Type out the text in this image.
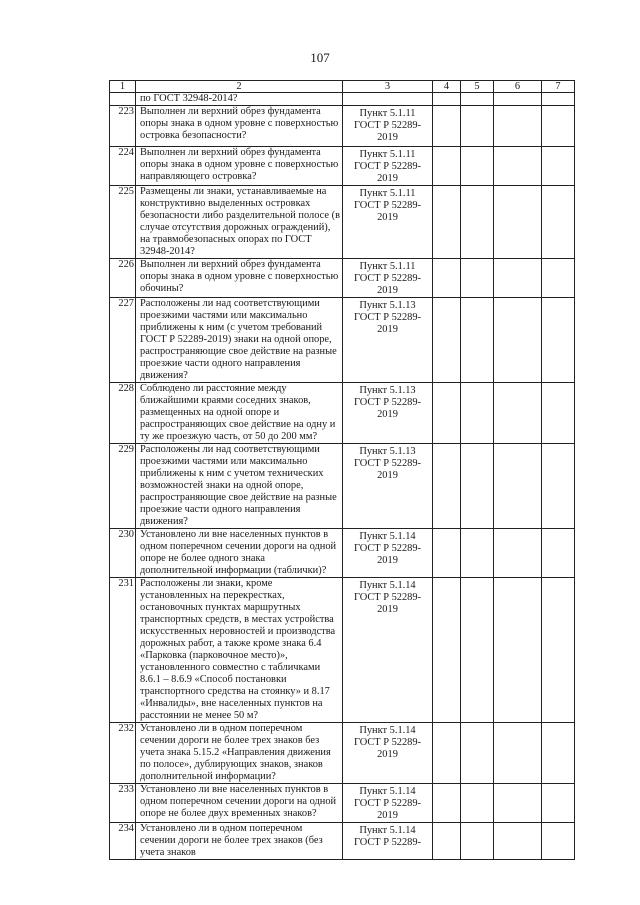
107
1	2	3	4	5	6	7
	по ГОСТ 32948-2014?					
223	Выполнен ли верхний обрез фундамента опоры знака в одном уровне с поверхностью островка безопасности?	Пункт 5.1.11 ГОСТ Р 52289-2019				
224	Выполнен ли верхний обрез фундамента опоры знака в одном уровне с поверхностью направляющего островка?	Пункт 5.1.11 ГОСТ Р 52289-2019				
225	Размещены ли знаки, устанавливаемые на конструктивно выделенных островках безопасности либо разделительной полосе (в случае отсутствия дорожных ограждений), на травмобезопасных опорах по ГОСТ 32948-2014?	Пункт 5.1.11 ГОСТ Р 52289-2019				
226	Выполнен ли верхний обрез фундамента опоры знака в одном уровне с поверхностью обочины?	Пункт 5.1.11 ГОСТ Р 52289-2019				
227	Расположены ли над соответствующими проезжими частями или максимально приближены к ним (с учетом требований ГОСТ Р 52289-2019) знаки на одной опоре, распространяющие свое действие на разные проезжие части одного направления движения?	Пункт 5.1.13 ГОСТ Р 52289-2019				
228	Соблюдено ли расстояние между ближайшими краями соседних знаков, размещенных на одной опоре и распространяющих свое действие на одну и ту же проезжую часть, от 50 до 200 мм?	Пункт 5.1.13 ГОСТ Р 52289-2019				
229	Расположены ли над соответствующими проезжими частями или максимально приближены к ним с учетом технических возможностей знаки на одной опоре, распространяющие свое действие на разные проезжие части одного направления движения?	Пункт 5.1.13 ГОСТ Р 52289-2019				
230	Установлено ли вне населенных пунктов в одном поперечном сечении дороги на одной опоре не более одного знака дополнительной информации (таблички)?	Пункт 5.1.14 ГОСТ Р 52289-2019				
231	Расположены ли знаки, кроме установленных на перекрестках, остановочных пунктах маршрутных транспортных средств, в местах устройства искусственных неровностей и производства дорожных работ, а также кроме знака 6.4 «Парковка (парковочное место)», установленного совместно с табличками 8.6.1 – 8.6.9 «Способ постановки транспортного средства на стоянку» и 8.17 «Инвалиды», вне населенных пунктов на расстоянии не менее 50 м?	Пункт 5.1.14 ГОСТ Р 52289-2019				
232	Установлено ли в одном поперечном сечении дороги не более трех знаков без учета знака 5.15.2 «Направления движения по полосе», дублирующих знаков, знаков дополнительной информации?	Пункт 5.1.14 ГОСТ Р 52289-2019				
233	Установлено ли вне населенных пунктов в одном поперечном сечении дороги на одной опоре не более двух временных знаков?	Пункт 5.1.14 ГОСТ Р 52289-2019				
234	Установлено ли в одном поперечном сечении дороги не более трех знаков (без учета знаков	Пункт 5.1.14 ГОСТ Р 52289-				
